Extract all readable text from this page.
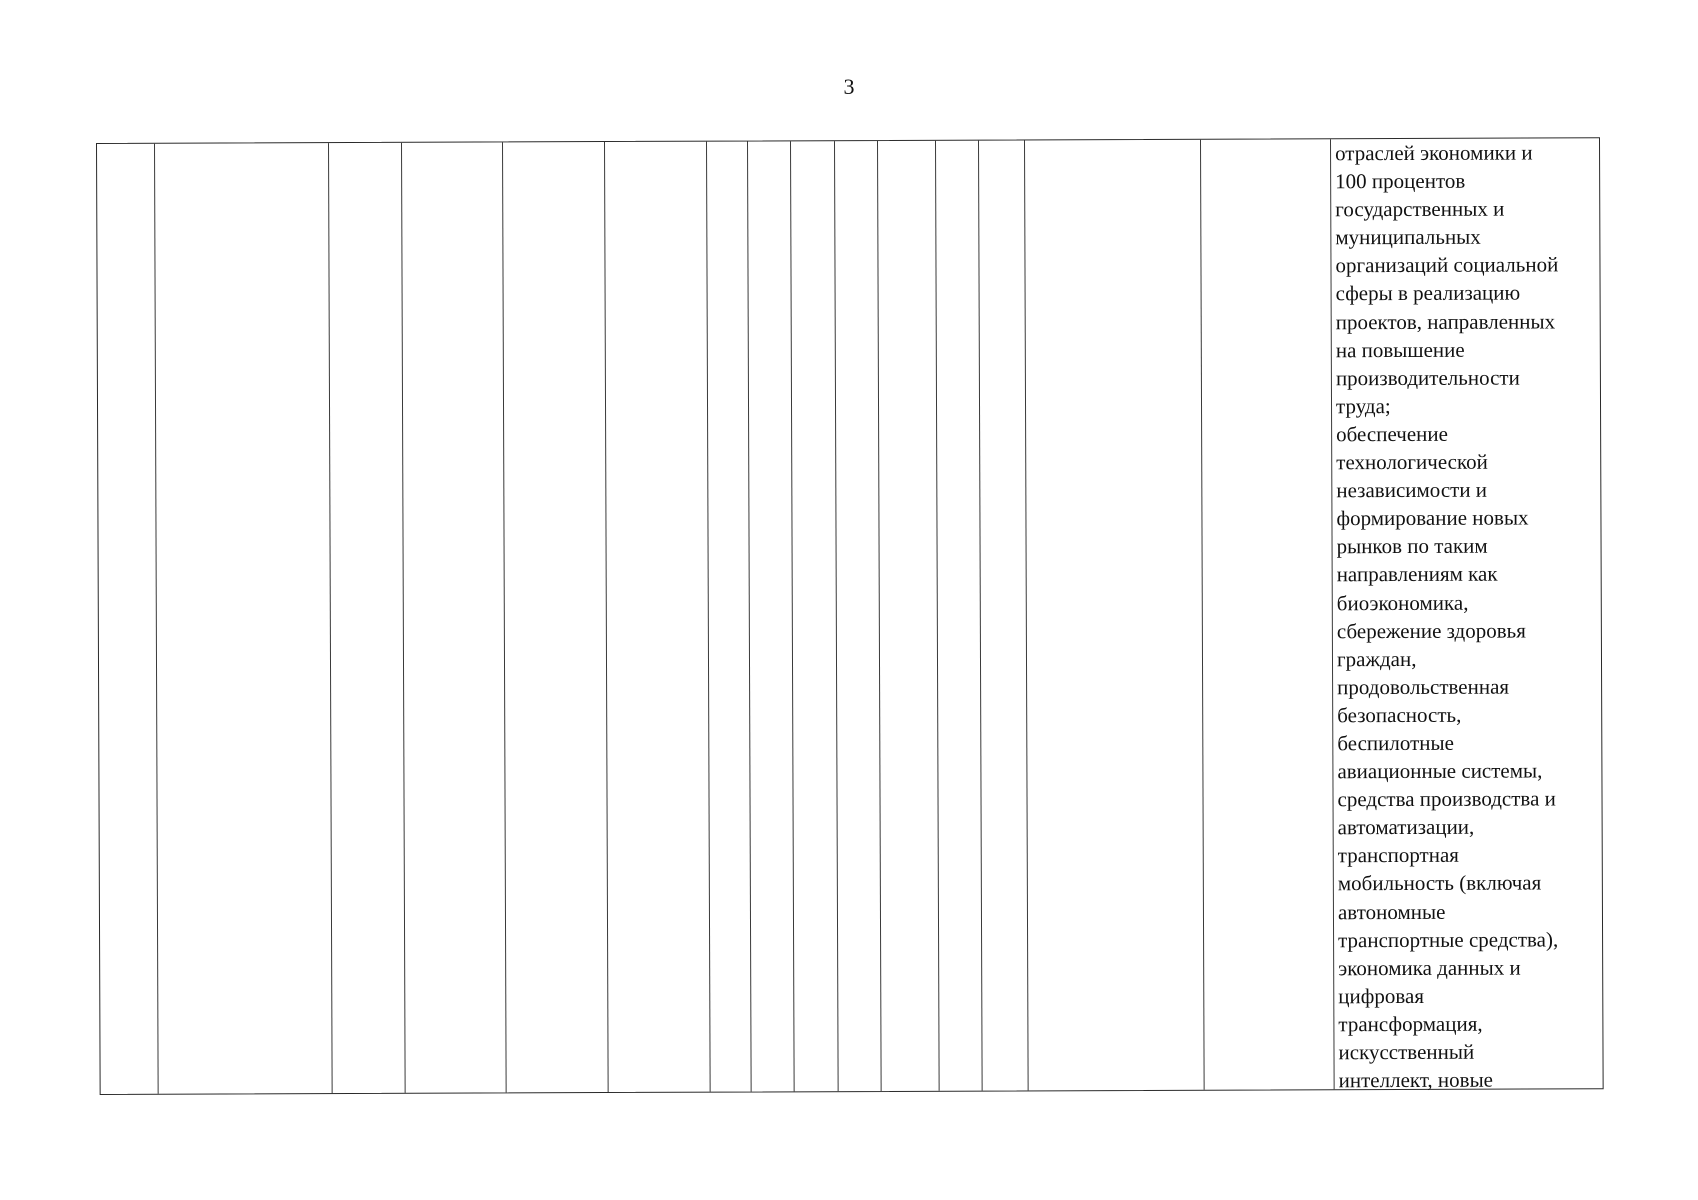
3
отраслей экономики и
100 процентов
государственных и
муниципальных
организаций социальной
сферы в реализацию
проектов, направленных
на повышение
производительности
труда;
обеспечение
технологической
независимости и
формирование новых
рынков по таким
направлениям как
биоэкономика,
сбережение здоровья
граждан,
продовольственная
безопасность,
беспилотные
авиационные системы,
средства производства и
автоматизации,
транспортная
мобильность (включая
автономные
транспортные средства),
экономика данных и
цифровая
трансформация,
искусственный
интеллект, новые
